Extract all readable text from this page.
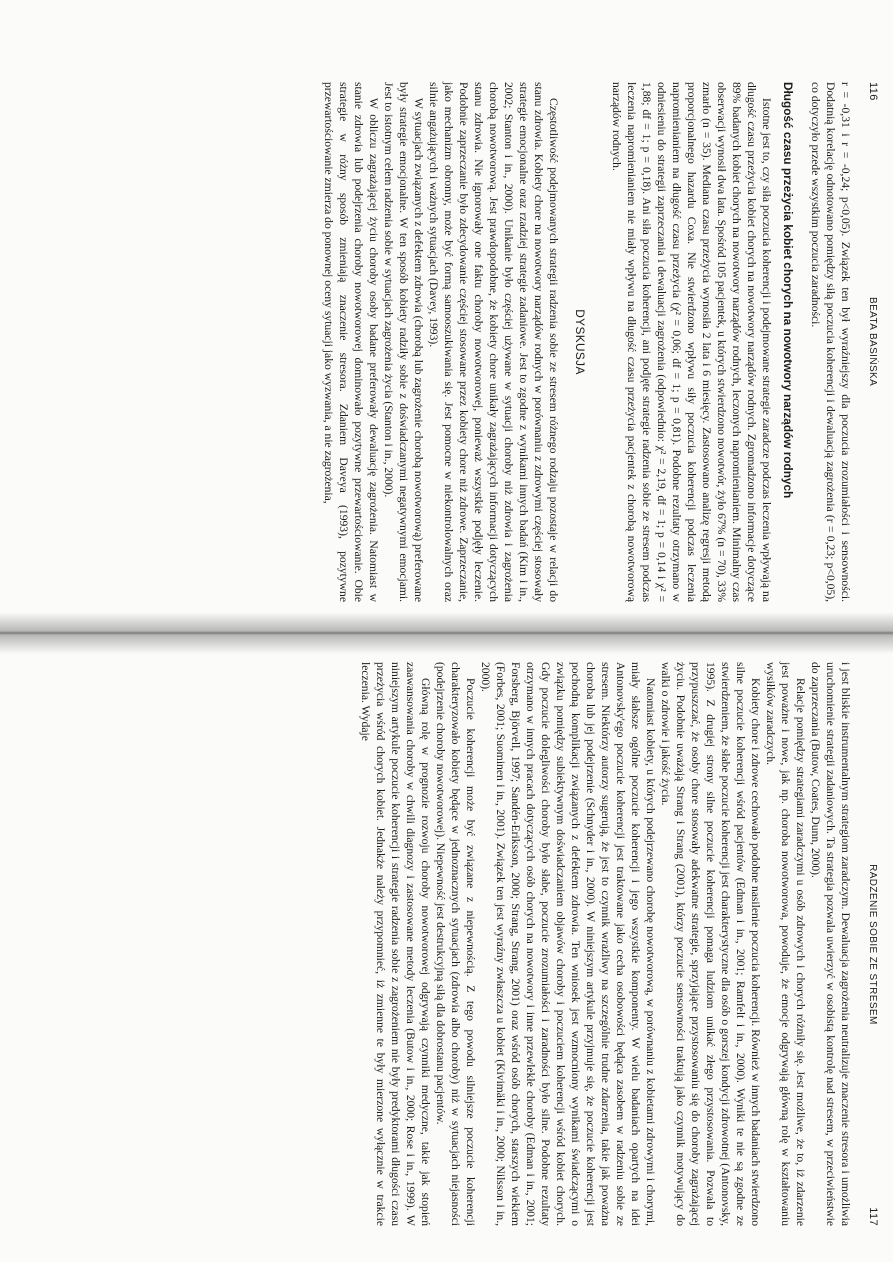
116
BEATA BASIŃSKA

r = -0,31 i r = -0,24; p<0,05). Związek ten był wyraźniejszy dla poczucia zrozumiałości i sensowności. Dodatnią korelację odnotowano pomiędzy siłą poczucia koherencji i dewaluacją zagrożenia (r = 0,23; p<0,05), co dotyczyło przede wszystkim poczucia zaradności.

Długość czasu przeżycia kobiet chorych na nowotwory narządów rodnych

Istotne jest to, czy siła poczucia koherencji i podejmowane strategie zaradcze podczas leczenia wpływają na długość czasu przeżycia kobiet chorych na nowotwory narządów rodnych. Zgromadzono informacje dotyczące 89% badanych kobiet chorych na nowotwory narządów rodnych, leczonych napromienianiem. Minimalny czas obserwacji wynosił dwa lata. Spośród 105 pacjentek, u których stwierdzono nowotwór, żyło 67% (n = 70), 33% zmarło (n = 35). Mediana czasu przeżycia wynosiła 2 lata i 6 miesięcy. Zastosowano analizę regresji metodą proporcjonalnego hazardu Coxa. Nie stwierdzono wpływu siły poczucia koherencji podczas leczenia napromienianiem na długość czasu przeżycia (χ² = 0,06; df = 1; p = 0,81). Podobne rezultaty otrzymano w odniesieniu do strategii zaprzeczania i dewaluacji zagrożenia (odpowiednio: χ² = 2,19, df = 1; p = 0,14 i χ² = 1,88; df = 1; p = 0,18). Ani siła poczucia koherencji, ani podjęte strategie radzenia sobie ze stresem podczas leczenia napromienianiem nie miały wpływu na długość czasu przeżycia pacjentek z chorobą nowotworową narządów rodnych.

DYSKUSJA

Częstotliwość podejmowanych strategii radzenia sobie ze stresem różnego rodzaju pozostaje w relacji do stanu zdrowia. Kobiety chore na nowotwory narządów rodnych w porównaniu z zdrowymi częściej stosowały strategie emocjonalne oraz rzadziej strategie zadaniowe. Jest to zgodne z wynikami innych badań (Kim i in., 2002; Stanton i in., 2000). Unikanie było częściej używane w sytuacji choroby niż zdrowia i zagrożenia chorobą nowotworową. Jest prawdopodobne, że kobiety chore unikały zagrażających informacji dotyczących stanu zdrowia. Nie ignorowały one faktu choroby nowotworowej, ponieważ wszystkie podjęły leczenie. Podobnie zaprzeczanie było zdecydowanie częściej stosowane przez kobiety chore niż zdrowe. Zaprzeczanie, jako mechanizm obronny, może być formą samooszukiwania się. Jest pomocne w niekontrolowalnych oraz silnie angażujących i ważnych sytuacjach (Davey, 1993).

W sytuacjach związanych z defektem zdrowia (chorobą lub zagrożenie chorobą nowotworową) preferowane były strategie emocjonalne. W ten sposób kobiety radziły sobie z doświadczanymi negatywnymi emocjami. Jest to istotnym celem radzenia sobie w sytuacjach zagrożenia życia (Stanton i in., 2000).

W obliczu zagrażającej życiu choroby osoby badane preferowały dewaluację zagrożenia. Natomiast w stanie zdrowia lub podejrzenia choroby nowotworowej dominowało pozytywne przewartościowanie. Obie strategie w różny sposób zmieniają znaczenie stresora. Zdaniem Daveya (1993), pozytywne przewartościowanie zmierza do ponownej oceny sytuacji jako wyzwania, a nie zagrożenia,

RADZENIE SOBIE ZE STRESEM
117

i jest bliskie instrumentalnym strategiom zaradczym. Dewaluacja zagrożenia neutralizuje znaczenie stresora i umożliwia uruchomienie strategii zadaniowych. Ta strategia pozwala uwierzyć w osobistą kontrolę nad stresem, w przeciwieństwie do zaprzeczania (Butow, Coates, Dunn, 2000).

Relacje pomiędzy strategiami zaradczymi u osób zdrowych i chorych różniły się. Jest możliwe, że to, iż zdarzenie jest poważne i nowe, jak np. choroba nowotworowa, powoduje, że emocje odgrywają główną rolę w kształtowaniu wysiłków zaradczych.

Kobiety chore i zdrowe cechowało podobne nasilenie poczucia koherencji. Również w innych badaniach stwierdzono silne poczucie koherencji wśród pacjentów (Edman i in., 2001; Ramfelt i in., 2000). Wyniki te nie są zgodne ze stwierdzeniem, że słabe poczucie koherencji jest charakterystyczne dla osób o gorszej kondycji zdrowotnej (Antonovsky, 1995). Z drugiej strony silne poczucie koherencji pomaga ludziom unikać złego przystosowania. Pozwala to przypuszczać, że osoby chore stosowały adekwatne strategie, sprzyjające przystosowaniu się do choroby zagrażającej życiu. Podobnie uważają Strang i Strang (2001), którzy poczucie sensowności traktują jako czynnik motywujący do walki o zdrowie i jakość życia.

Natomiast kobiety, u których podejrzewano chorobę nowotworową, w porównaniu z kobietami zdrowymi i chorymi, miały słabsze ogólne poczucie koherencji i jego wszystkie komponenty. W wielu badaniach opartych na idei Antonovsky'ego poczucie koherencji jest traktowane jako cecha osobowości będąca zasobem w radzeniu sobie ze stresem. Niektórzy autorzy sugerują, że jest to czynnik wrażliwy na szczególnie trudne zdarzenia, takie jak poważna choroba lub jej podejrzenie (Schnyder i in., 2000). W niniejszym artykule przyjmuje się, że poczucie koherencji jest pochodną komplikacji związanych z defektem zdrowia. Ten wniosek jest wzmocniony wynikami świadczącymi o związku pomiędzy subiektywnym doświadczaniem objawów choroby i poczuciem koherencji wśród kobiet chorych. Gdy poczucie dolegliwości choroby było słabe, poczucie zrozumiałości i zaradności było silne. Podobne rezultaty otrzymano w innych pracach dotyczących osób chorych na nowotwory i inne przewlekłe choroby (Edman i in., 2001; Forsberg, Björvell, 1997; Sandén-Eriksson, 2000; Strang, Strang, 2001) oraz wśród osób chorych, starszych wiekiem (Forbes, 2001; Suominen i in., 2001). Związek ten jest wyraźny zwłaszcza u kobiet (Kivimäki i in., 2000; Nilsson i in., 2000).

Poczucie koherencji może być związane z niepewnością. Z tego powodu silniejsze poczucie koherencji charakteryzowało kobiety będące w jednoznacznych sytuacjach (zdrowia albo choroby) niż w sytuacjach niejasności (podejrzenie choroby nowotworowej). Niepewność jest destrukcyjną siłą dla dobrostanu pacjentów.

Główną rolę w prognozie rozwoju choroby nowotworowej odgrywają czynniki medyczne, takie jak stopień zaawansowania choroby w chwili diagnozy i zastosowane metody leczenia (Butow i in., 2000; Rose i in., 1999). W niniejszym artykule poczucie koherencji i strategie radzenia sobie z zagrożeniem nie były predyktorami długości czasu przeżycia wśród chorych kobiet. Jednakże należy przypomnieć, iż zmienne te były mierzone wyłącznie w trakcie leczenia. Wydaje
